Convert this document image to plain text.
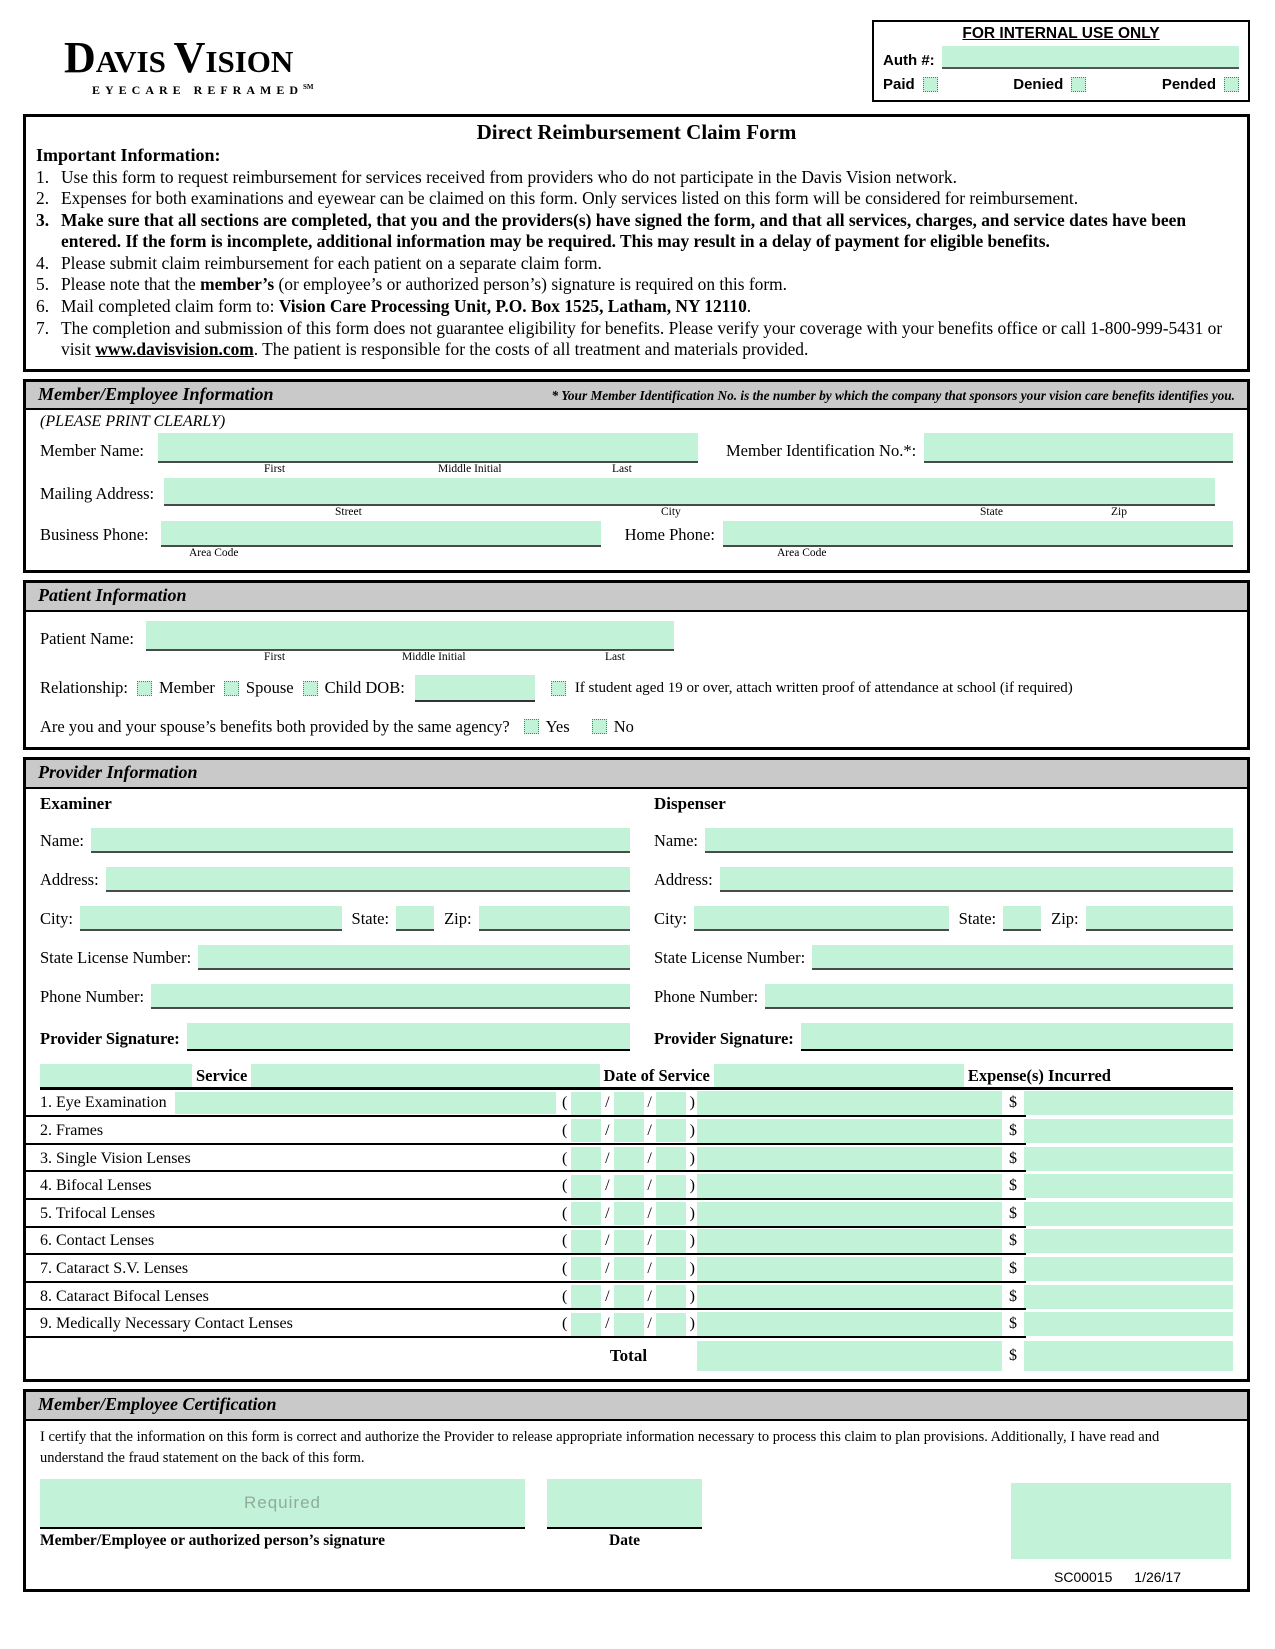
DAVIS VISION
EYECARE REFRAMED℠
FOR INTERNAL USE ONLY
Auth #:
Paid	Denied	Pended
Direct Reimbursement Claim Form
Important Information:
1. Use this form to request reimbursement for services received from providers who do not participate in the Davis Vision network.
2. Expenses for both examinations and eyewear can be claimed on this form. Only services listed on this form will be considered for reimbursement.
3. Make sure that all sections are completed, that you and the providers(s) have signed the form, and that all services, charges, and service dates have been entered. If the form is incomplete, additional information may be required. This may result in a delay of payment for eligible benefits.
4. Please submit claim reimbursement for each patient on a separate claim form.
5. Please note that the member’s (or employee’s or authorized person’s) signature is required on this form.
6. Mail completed claim form to: Vision Care Processing Unit, P.O. Box 1525, Latham, NY 12110.
7. The completion and submission of this form does not guarantee eligibility for benefits. Please verify your coverage with your benefits office or call 1-800-999-5431 or visit www.davisvision.com. The patient is responsible for the costs of all treatment and materials provided.
Member/Employee Information	* Your Member Identification No. is the number by which the company that sponsors your vision care benefits identifies you.
(PLEASE PRINT CLEARLY)
Member Name:	Member Identification No.*:
First	Middle Initial	Last
Mailing Address:
Street	City	State	Zip
Business Phone:	Home Phone:
Area Code	Area Code
Patient Information
Patient Name:
First	Middle Initial	Last
Relationship: Member Spouse Child DOB:	If student aged 19 or over, attach written proof of attendance at school (if required)
Are you and your spouse’s benefits both provided by the same agency? Yes	No
Provider Information
Examiner
Name:
Address:
City:	State:	Zip:
State License Number:
Phone Number:
Provider Signature:
Dispenser
Name:
Address:
City:	State:	Zip:
State License Number:
Phone Number:
Provider Signature:
Service	Date of Service	Expense(s) Incurred
1. Eye Examination	( / / )	$
2. Frames	( / / )	$
3. Single Vision Lenses	( / / )	$
4. Bifocal Lenses	( / / )	$
5. Trifocal Lenses	( / / )	$
6. Contact Lenses	( / / )	$
7. Cataract S.V. Lenses	( / / )	$
8. Cataract Bifocal Lenses	( / / )	$
9. Medically Necessary Contact Lenses	( / / )	$
Total	$
Member/Employee Certification
I certify that the information on this form is correct and authorize the Provider to release appropriate information necessary to process this claim to plan provisions. Additionally, I have read and understand the fraud statement on the back of this form.
Required
Member/Employee or authorized person’s signature	Date
SC00015 1/26/17
